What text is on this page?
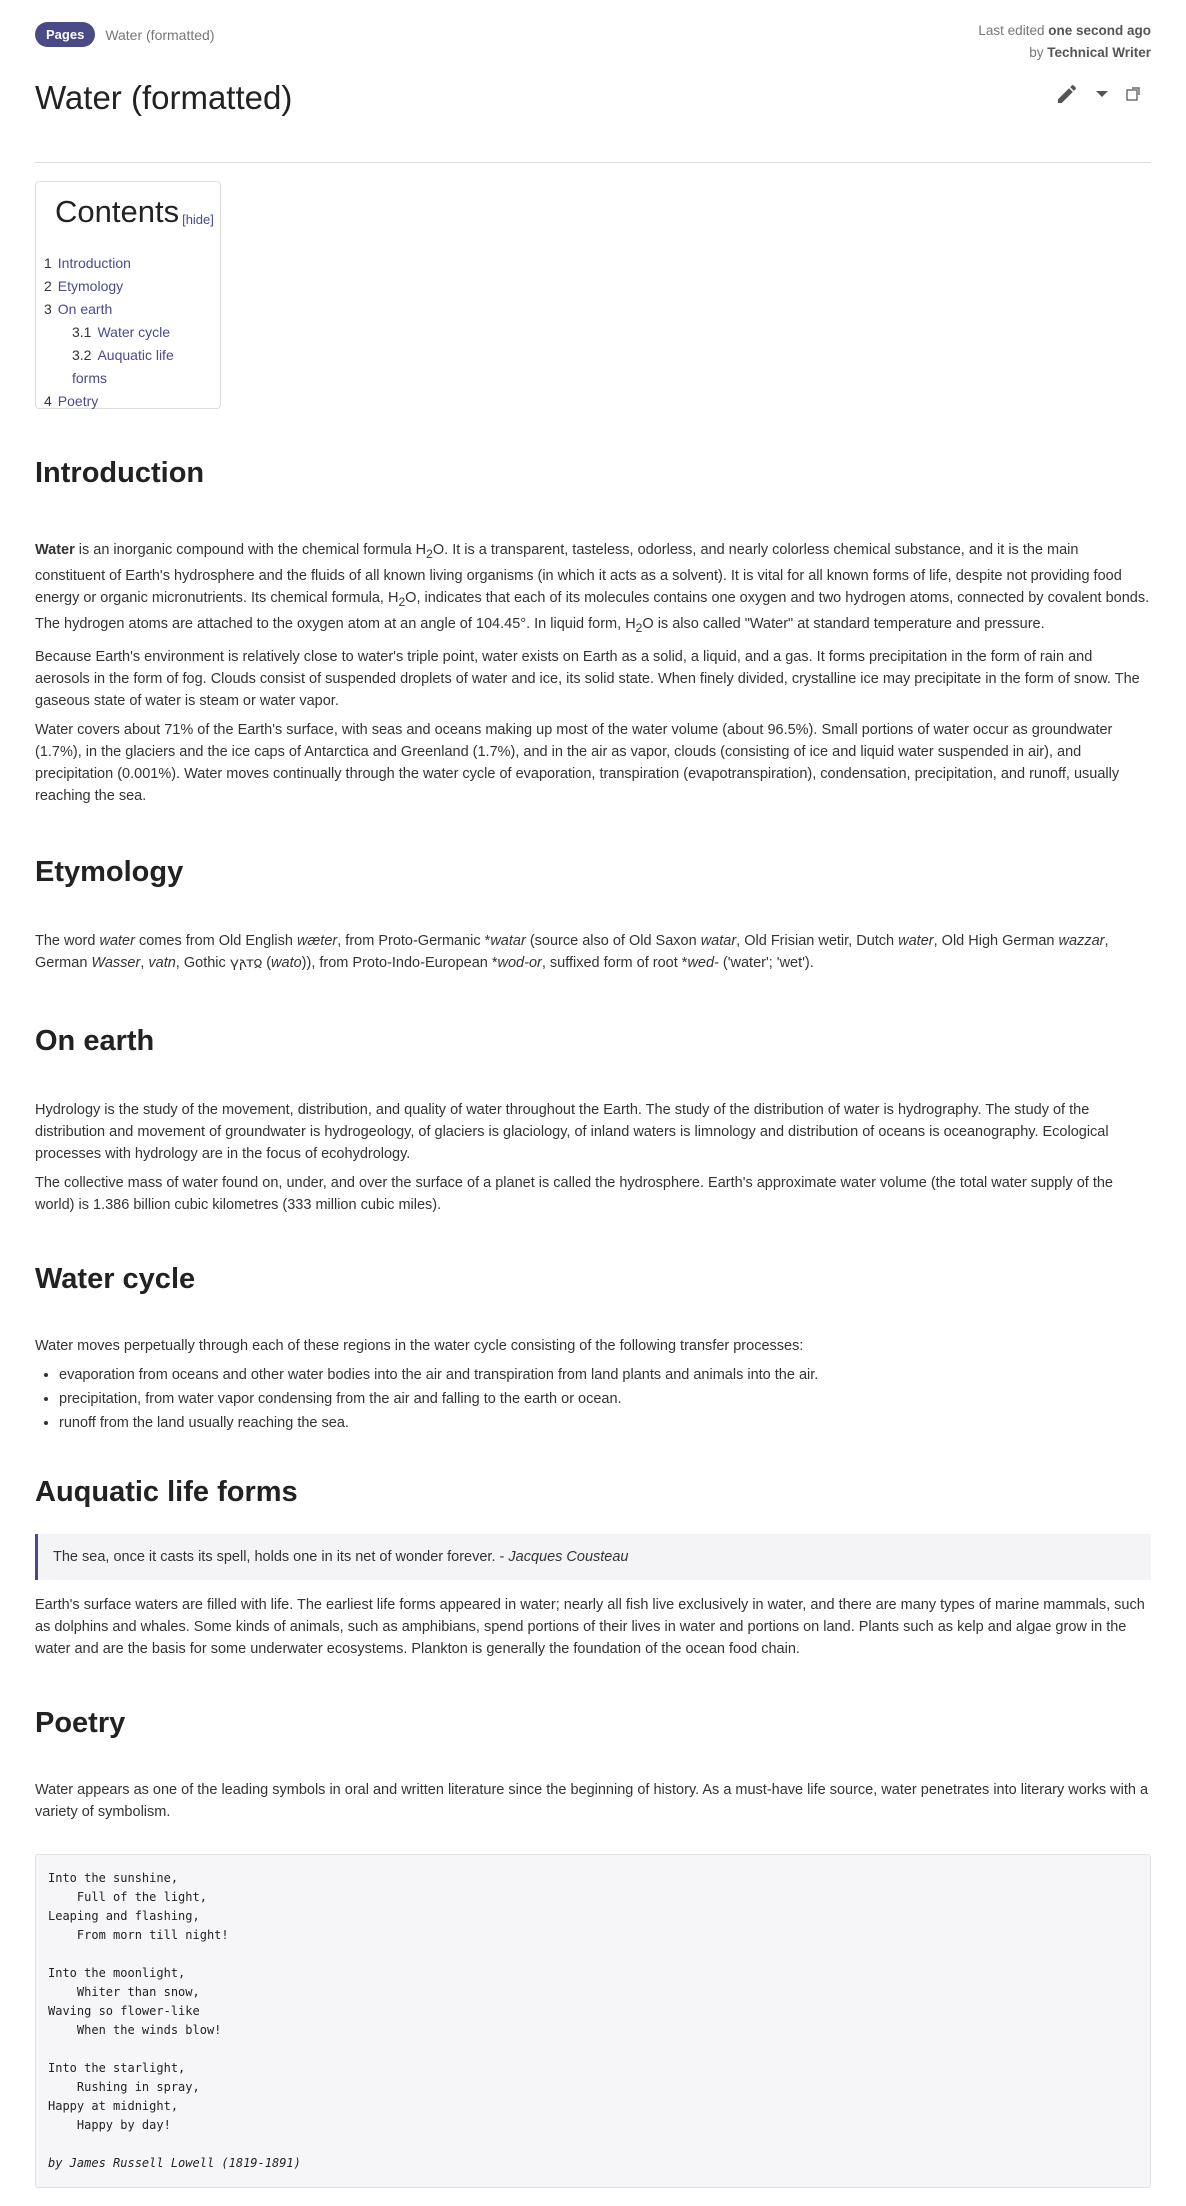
Pages	Water (formatted)	Last edited one second ago
by Technical Writer
Water (formatted)
Contents [hide]
1 Introduction
2 Etymology
3 On earth
3.1 Water cycle
3.2 Auquatic life forms
4 Poetry
Introduction

Water is an inorganic compound with the chemical formula $H_2O$. It is a transparent, tasteless, odorless, and nearly colorless chemical substance, and it is the main constituent of Earth's hydrosphere and the fluids of all known living organisms (in which it acts as a solvent). It is vital for all known forms of life, despite not providing food energy or organic micronutrients. Its chemical formula, $H_2O$, indicates that each of its molecules contains one oxygen and two hydrogen atoms, connected by covalent bonds. The hydrogen atoms are attached to the oxygen atom at an angle of 104.45°. In liquid form, $H_2O$ is also called "Water" at standard temperature and pressure.

Because Earth's environment is relatively close to water's triple point, water exists on Earth as a solid, a liquid, and a gas. It forms precipitation in the form of rain and aerosols in the form of fog. Clouds consist of suspended droplets of water and ice, its solid state. When finely divided, crystalline ice may precipitate in the form of snow. The gaseous state of water is steam or water vapor.

Water covers about 71% of the Earth's surface, with seas and oceans making up most of the water volume (about 96.5%). Small portions of water occur as groundwater (1.7%), in the glaciers and the ice caps of Antarctica and Greenland (1.7%), and in the air as vapor, clouds (consisting of ice and liquid water suspended in air), and precipitation (0.001%). Water moves continually through the water cycle of evaporation, transpiration (evapotranspiration), condensation, precipitation, and runoff, usually reaching the sea.

Etymology

The word water comes from Old English wæter, from Proto-Germanic *watar (source also of Old Saxon watar, Old Frisian wetir, Dutch water, Old High German wazzar, German Wasser, vatn, Gothic 𐍅𐌰𐍄𐍉 (wato)), from Proto-Indo-European *wod-or, suffixed form of root *wed- ('water'; 'wet').

On earth

Hydrology is the study of the movement, distribution, and quality of water throughout the Earth. The study of the distribution of water is hydrography. The study of the distribution and movement of groundwater is hydrogeology, of glaciers is glaciology, of inland waters is limnology and distribution of oceans is oceanography. Ecological processes with hydrology are in the focus of ecohydrology.

The collective mass of water found on, under, and over the surface of a planet is called the hydrosphere. Earth's approximate water volume (the total water supply of the world) is 1.386 billion cubic kilometres (333 million cubic miles).

Water cycle

Water moves perpetually through each of these regions in the water cycle consisting of the following transfer processes:

• evaporation from oceans and other water bodies into the air and transpiration from land plants and animals into the air.
• precipitation, from water vapor condensing from the air and falling to the earth or ocean.
• runoff from the land usually reaching the sea.
Auquatic life forms
The sea, once it casts its spell, holds one in its net of wonder forever. - Jacques Cousteau

Earth's surface waters are filled with life. The earliest life forms appeared in water; nearly all fish live exclusively in water, and there are many types of marine mammals, such as dolphins and whales. Some kinds of animals, such as amphibians, spend portions of their lives in water and portions on land. Plants such as kelp and algae grow in the water and are the basis for some underwater ecosystems. Plankton is generally the foundation of the ocean food chain.

Poetry

Water appears as one of the leading symbols in oral and written literature since the beginning of history. As a must-have life source, water penetrates into literary works with a variety of symbolism.

Into the sunshine,
Full of the light,
Leaping and flashing,
From morn till night!

Into the moonlight,
Whiter than snow,
Waving so flower-like
When the winds blow!

Into the starlight,
Rushing in spray,
Happy at midnight,
Happy by day!

by James Russell Lowell (1819-1891)
